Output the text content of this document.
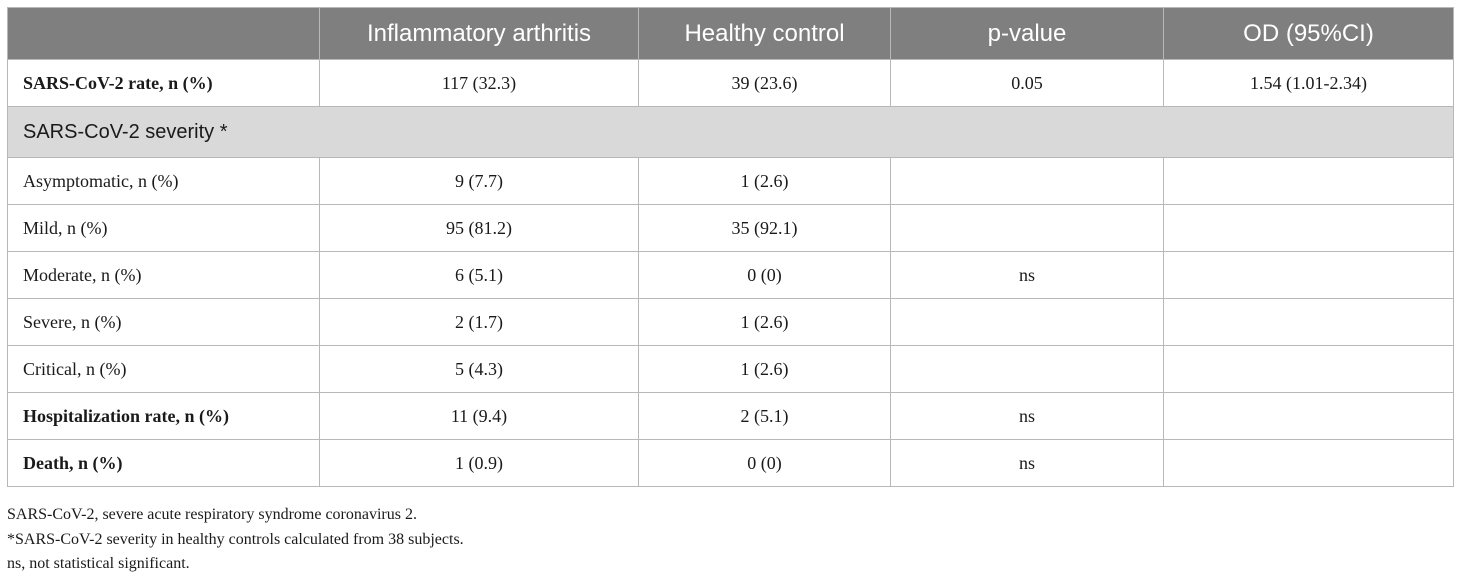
	Inflammatory arthritis	Healthy control	p-value	OD (95%CI)
SARS-CoV-2 rate, n (%)	117 (32.3)	39 (23.6)	0.05	1.54 (1.01-2.34)
SARS-CoV-2 severity *				
Asymptomatic, n (%)	9 (7.7)	1 (2.6)		
Mild, n (%)	95 (81.2)	35 (92.1)		
Moderate, n (%)	6 (5.1)	0 (0)	ns	
Severe, n (%)	2 (1.7)	1 (2.6)		
Critical, n (%)	5 (4.3)	1 (2.6)		
Hospitalization rate, n (%)	11 (9.4)	2 (5.1)	ns	
Death, n (%)	1 (0.9)	0 (0)	ns	
SARS-CoV-2, severe acute respiratory syndrome coronavirus 2.
*SARS-CoV-2 severity in healthy controls calculated from 38 subjects.
ns, not statistical significant.
